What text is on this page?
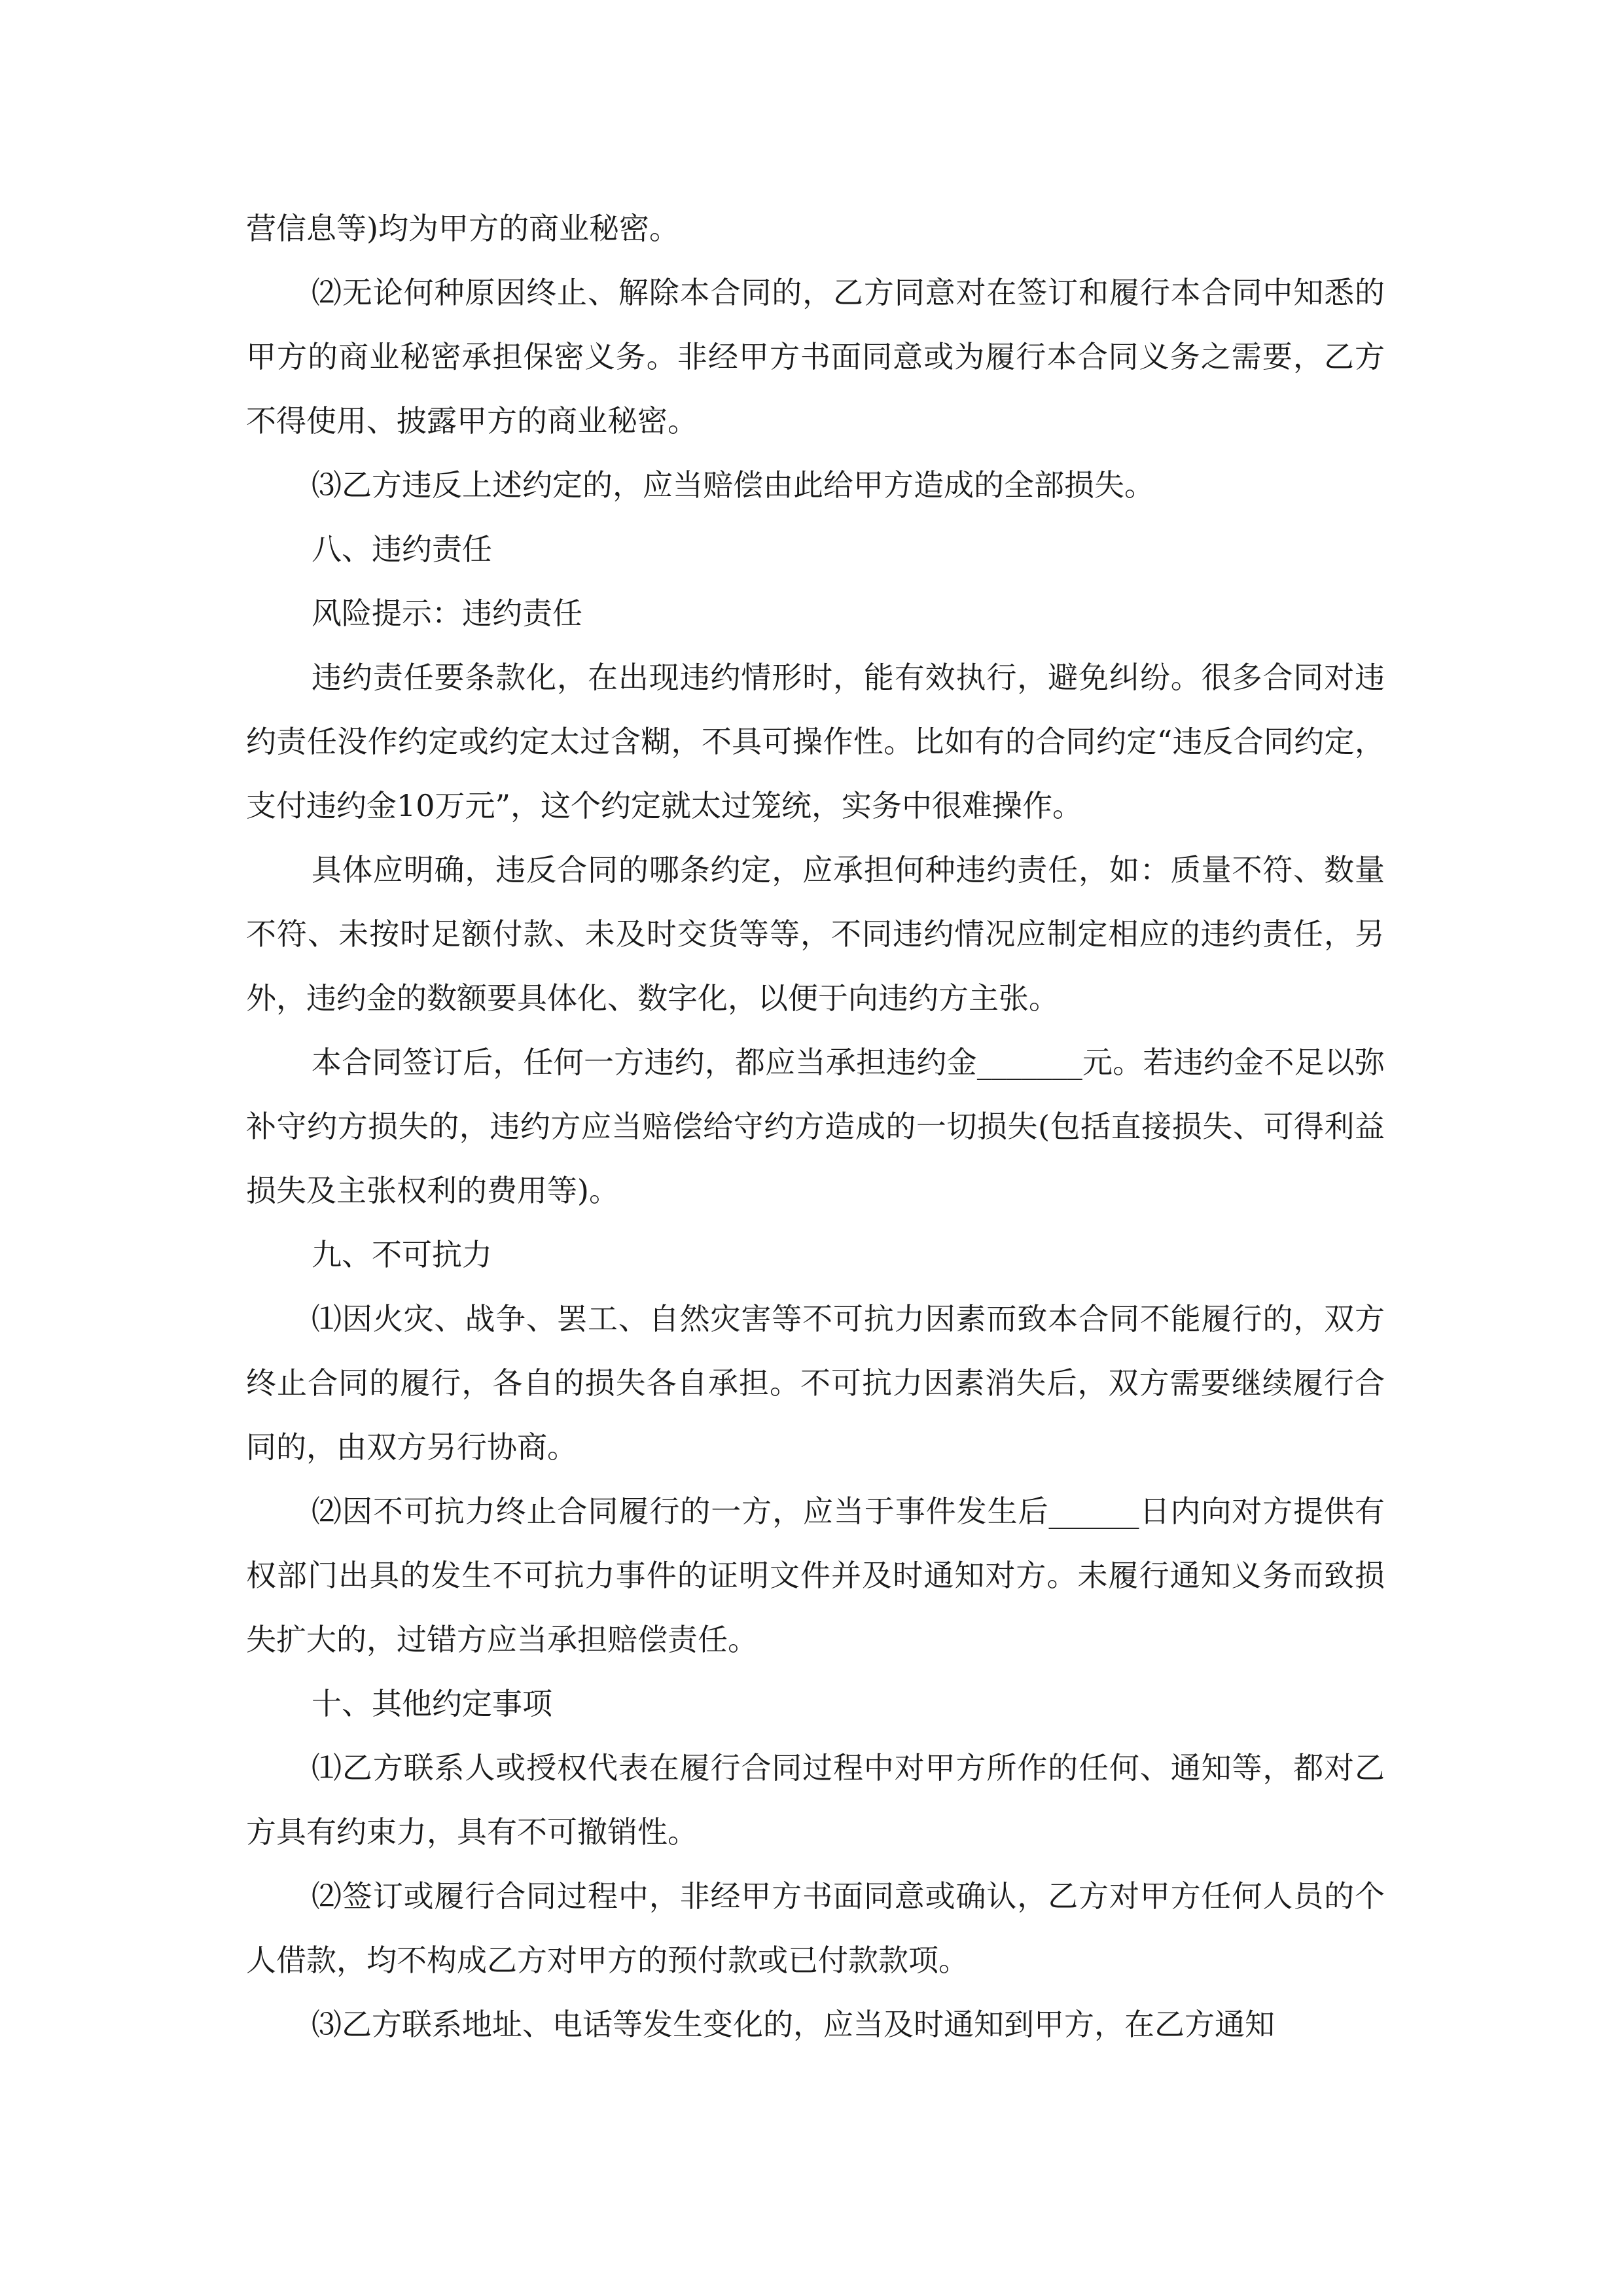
营信息等)均为甲方的商业秘密。

⑵无论何种原因终止、解除本合同的，乙方同意对在签订和履行本合同中知悉的甲方的商业秘密承担保密义务。非经甲方书面同意或为履行本合同义务之需要，乙方不得使用、披露甲方的商业秘密。

⑶乙方违反上述约定的，应当赔偿由此给甲方造成的全部损失。

八、违约责任

风险提示：违约责任

违约责任要条款化，在出现违约情形时，能有效执行，避免纠纷。很多合同对违约责任没作约定或约定太过含糊，不具可操作性。比如有的合同约定“违反合同约定，支付违约金10万元”，这个约定就太过笼统，实务中很难操作。

具体应明确，违反合同的哪条约定，应承担何种违约责任，如：质量不符、数量不符、未按时足额付款、未及时交货等等，不同违约情况应制定相应的违约责任，另外，违约金的数额要具体化、数字化，以便于向违约方主张。

本合同签订后，任何一方违约，都应当承担违约金_______元。若违约金不足以弥补守约方损失的，违约方应当赔偿给守约方造成的一切损失(包括直接损失、可得利益损失及主张权利的费用等)。

九、不可抗力

⑴因火灾、战争、罢工、自然灾害等不可抗力因素而致本合同不能履行的，双方终止合同的履行，各自的损失各自承担。不可抗力因素消失后，双方需要继续履行合同的，由双方另行协商。

⑵因不可抗力终止合同履行的一方，应当于事件发生后______日内向对方提供有权部门出具的发生不可抗力事件的证明文件并及时通知对方。未履行通知义务而致损失扩大的，过错方应当承担赔偿责任。

十、其他约定事项

⑴乙方联系人或授权代表在履行合同过程中对甲方所作的任何、通知等，都对乙方具有约束力，具有不可撤销性。

⑵签订或履行合同过程中，非经甲方书面同意或确认，乙方对甲方任何人员的个人借款，均不构成乙方对甲方的预付款或已付款款项。

⑶乙方联系地址、电话等发生变化的，应当及时通知到甲方，在乙方通知
